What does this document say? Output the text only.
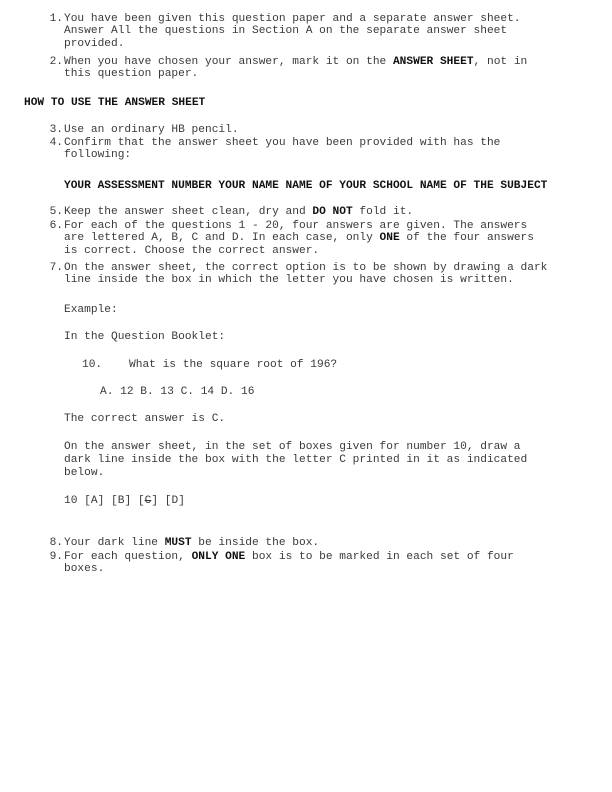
1. You have been given this question paper and a separate answer sheet.
Answer All the questions in Section A on the separate answer sheet
provided.
2. When you have chosen your answer, mark it on the ANSWER SHEET, not in
this question paper.
HOW TO USE THE ANSWER SHEET
3. Use an ordinary HB pencil.
4. Confirm that the answer sheet you have been provided with has the
following:
YOUR ASSESSMENT NUMBER YOUR NAME NAME OF YOUR SCHOOL NAME OF THE SUBJECT
5. Keep the answer sheet clean, dry and DO NOT fold it.
6. For each of the questions 1 - 20, four answers are given. The answers
are lettered A, B, C and D. In each case, only ONE of the four answers
is correct. Choose the correct answer.
7. On the answer sheet, the correct option is to be shown by drawing a dark
line inside the box in which the letter you have chosen is written.
Example:
In the Question Booklet:
10. What is the square root of 196?
A. 12 B. 13 C. 14 D. 16
The correct answer is C.
On the answer sheet, in the set of boxes given for number 10, draw a
dark line inside the box with the letter C printed in it as indicated
below.
10 [A] [B] [C] [D]
8. Your dark line MUST be inside the box.
9. For each question, ONLY ONE box is to be marked in each set of four
boxes.
